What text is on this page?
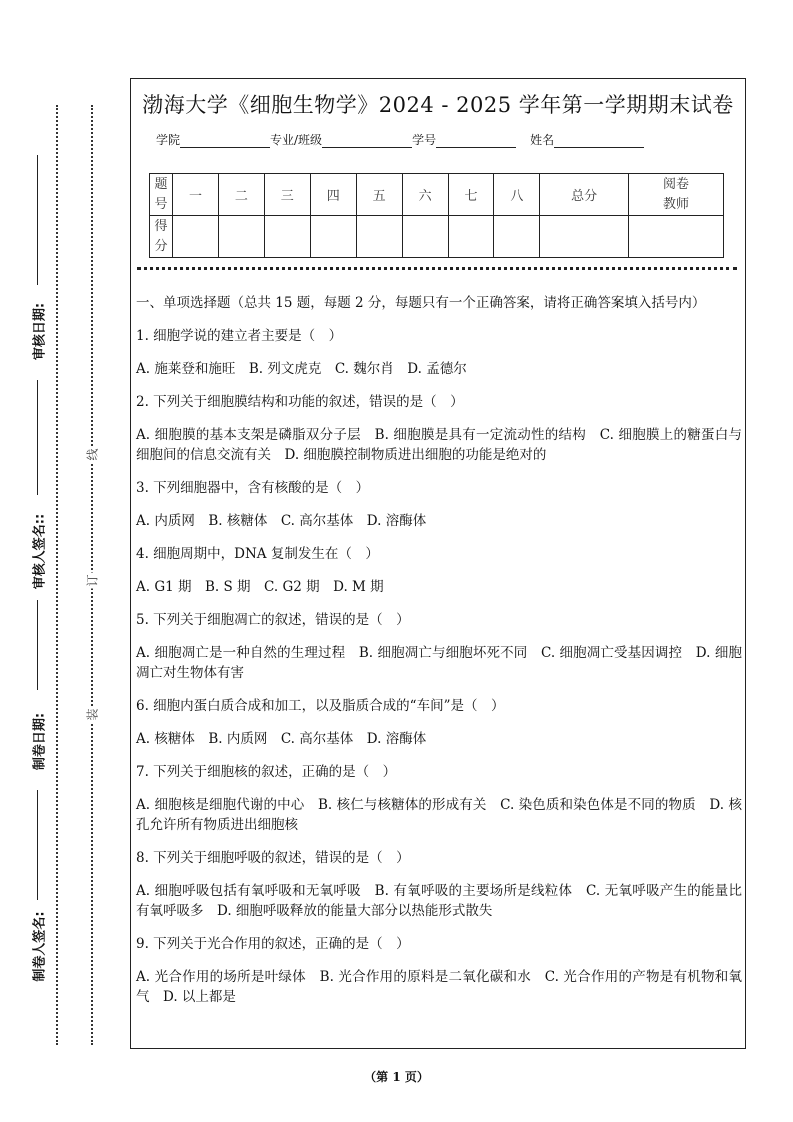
审核日期:
审核人签名::
制卷日期:
制卷人签名:
线
订
装
渤海大学《细胞生物学》2024 - 2025 学年第一学期期末试卷
学院	专业/班级	学号	姓名
题号	一	二	三	四	五	六	七	八	总分	阅卷教师
得分										

一、单项选择题（总共 15 题，每题 2 分，每题只有一个正确答案，请将正确答案填入括号内）

1. 细胞学说的建立者主要是（　）

A. 施莱登和施旺　B. 列文虎克　C. 魏尔肖　D. 孟德尔

2. 下列关于细胞膜结构和功能的叙述，错误的是（　）

A. 细胞膜的基本支架是磷脂双分子层　B. 细胞膜是具有一定流动性的结构　C. 细胞膜上的糖蛋白与细胞间的信息交流有关　D. 细胞膜控制物质进出细胞的功能是绝对的

3. 下列细胞器中，含有核酸的是（　）

A. 内质网　B. 核糖体　C. 高尔基体　D. 溶酶体

4. 细胞周期中，DNA 复制发生在（　）

A. G1 期　B. S 期　C. G2 期　D. M 期

5. 下列关于细胞凋亡的叙述，错误的是（　）

A. 细胞凋亡是一种自然的生理过程　B. 细胞凋亡与细胞坏死不同　C. 细胞凋亡受基因调控　D. 细胞凋亡对生物体有害

6. 细胞内蛋白质合成和加工，以及脂质合成的“车间”是（　）

A. 核糖体　B. 内质网　C. 高尔基体　D. 溶酶体

7. 下列关于细胞核的叙述，正确的是（　）

A. 细胞核是细胞代谢的中心　B. 核仁与核糖体的形成有关　C. 染色质和染色体是不同的物质　D. 核孔允许所有物质进出细胞核

8. 下列关于细胞呼吸的叙述，错误的是（　）

A. 细胞呼吸包括有氧呼吸和无氧呼吸　B. 有氧呼吸的主要场所是线粒体　C. 无氧呼吸产生的能量比有氧呼吸多　D. 细胞呼吸释放的能量大部分以热能形式散失

9. 下列关于光合作用的叙述，正确的是（　）

A. 光合作用的场所是叶绿体　B. 光合作用的原料是二氧化碳和水　C. 光合作用的产物是有机物和氧气　D. 以上都是

（第 1 页）
